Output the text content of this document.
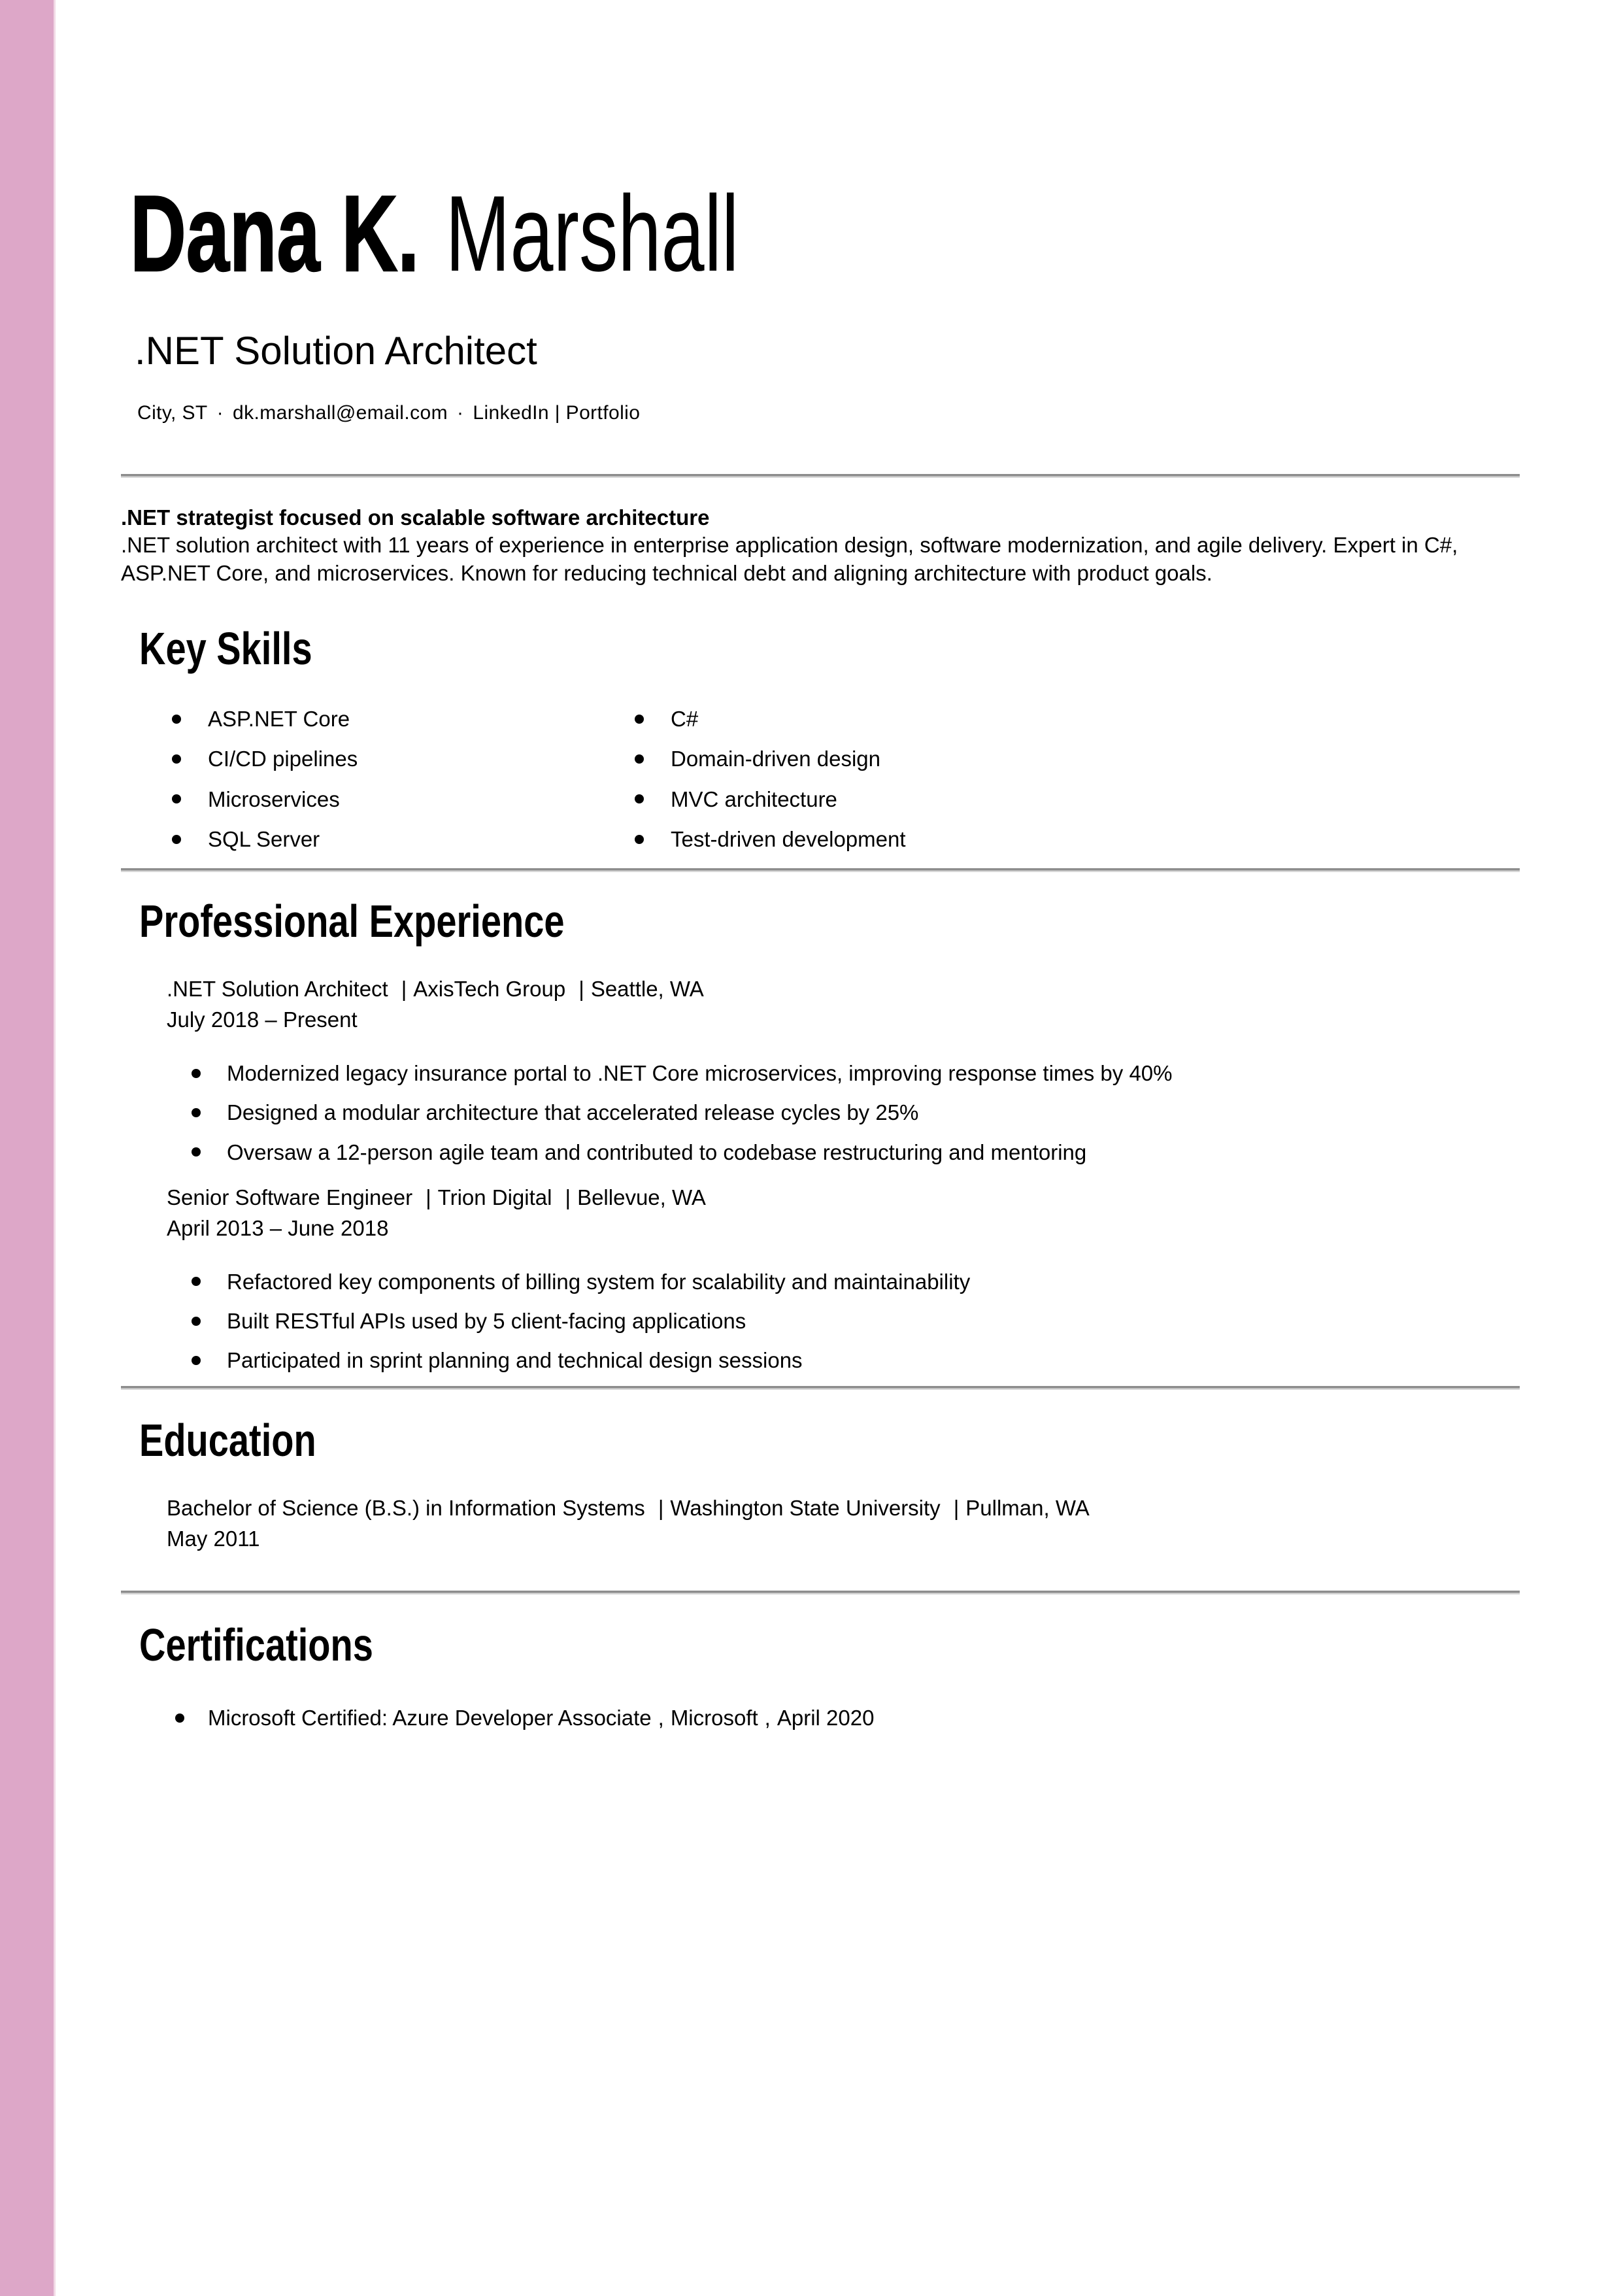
Dana K. Marshall
.NET Solution Architect
City, ST · dk.marshall@email.com · LinkedIn | Portfolio

.NET strategist focused on scalable software architecture

.NET solution architect with 11 years of experience in enterprise application design, software modernization, and agile delivery. Expert in C#, ASP.NET Core, and microservices. Known for reducing technical debt and aligning architecture with product goals.

Key Skills
ASP.NET Core	C#
CI/CD pipelines	Domain-driven design
Microservices	MVC architecture
SQL Server	Test-driven development
Professional Experience
.NET Solution Architect | AxisTech Group | Seattle, WA
July 2018 – Present
Modernized legacy insurance portal to .NET Core microservices, improving response times by 40%
Designed a modular architecture that accelerated release cycles by 25%
Oversaw a 12-person agile team and contributed to codebase restructuring and mentoring
Senior Software Engineer | Trion Digital | Bellevue, WA
April 2013 – June 2018
Refactored key components of billing system for scalability and maintainability
Built RESTful APIs used by 5 client-facing applications
Participated in sprint planning and technical design sessions
Education
Bachelor of Science (B.S.) in Information Systems | Washington State University | Pullman, WA
May 2011
Certifications
Microsoft Certified: Azure Developer Associate , Microsoft , April 2020
